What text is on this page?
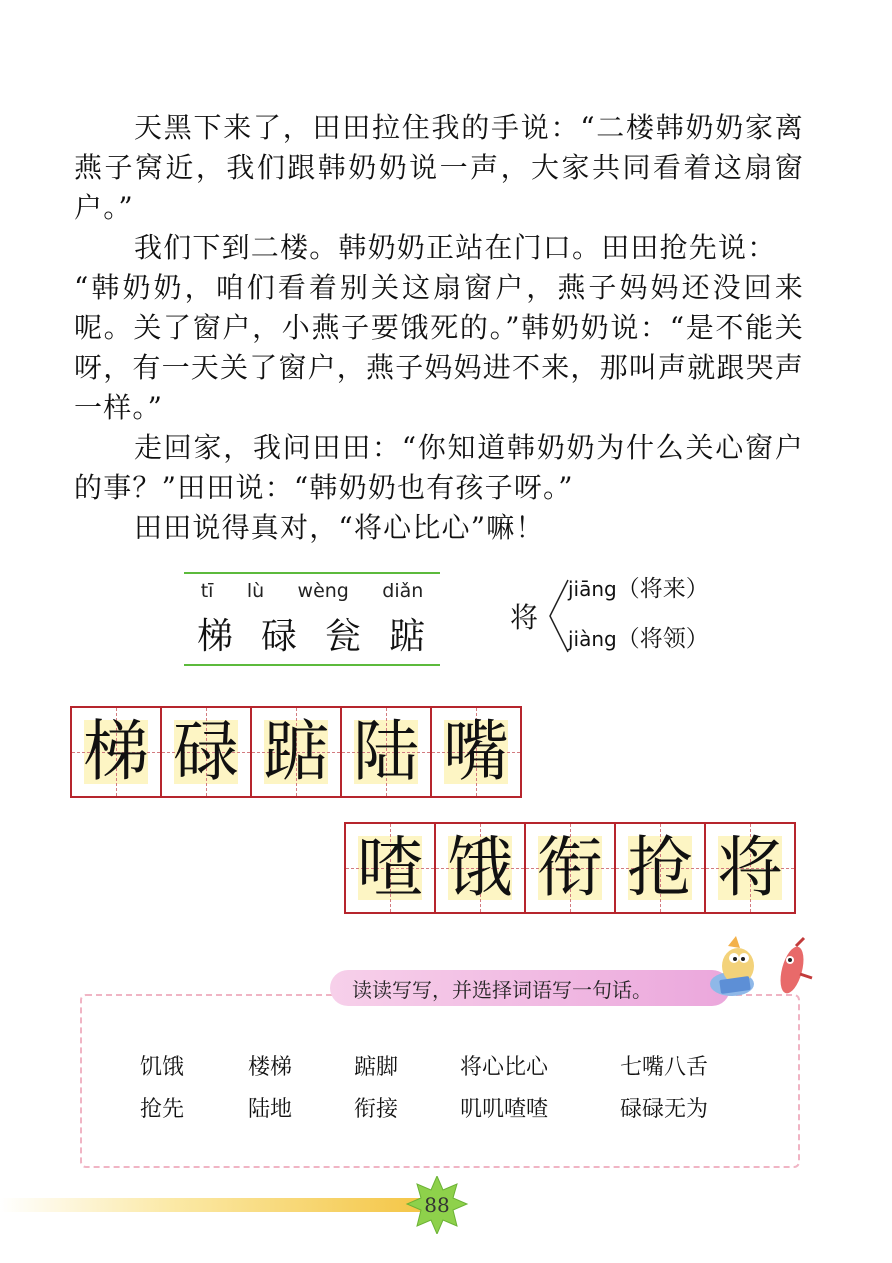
天黑下来了，田田拉住我的手说：“二楼韩奶奶家离燕子窝近，我们跟韩奶奶说一声，大家共同看着这扇窗户。”

我们下到二楼。韩奶奶正站在门口。田田抢先说：

“韩奶奶，咱们看着别关这扇窗户，燕子妈妈还没回来呢。关了窗户，小燕子要饿死的。”韩奶奶说：“是不能关呀，有一天关了窗户，燕子妈妈进不来，那叫声就跟哭声一样。”

走回家，我问田田：“你知道韩奶奶为什么关心窗户的事？”田田说：“韩奶奶也有孩子呀。”

田田说得真对，“将心比心”嘛！

tī lù wèng diǎn
梯 碌 瓮 踮	将
jiāng（将来）
jiàng（将领）
梯 碌 踮 陆 嘴
喳 饿 衔 抢 将
读读写写，并选择词语写一句话。
饥饿	楼梯	踮脚	将心比心	七嘴八舌
抢先	陆地	衔接	叽叽喳喳	碌碌无为
88
